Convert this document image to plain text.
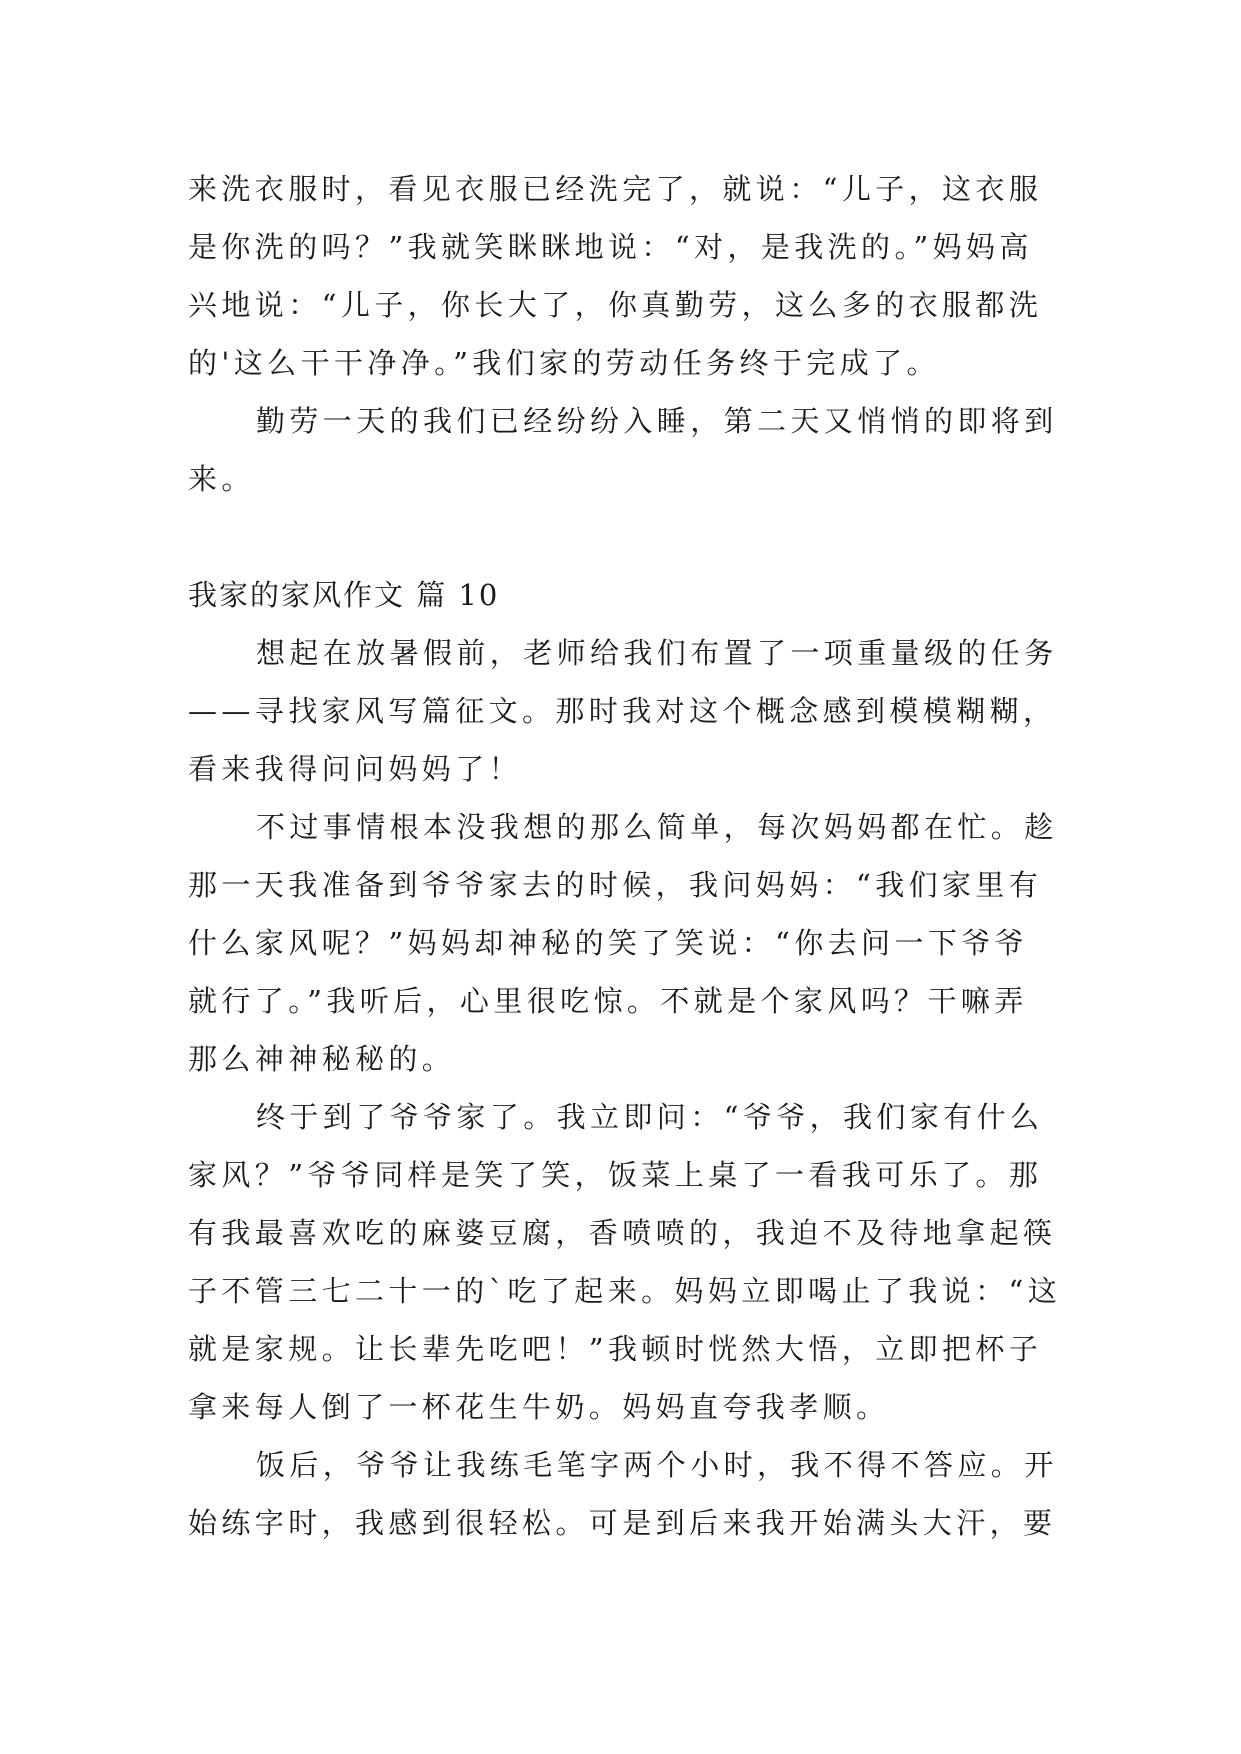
来洗衣服时，看见衣服已经洗完了，就说：“儿子，这衣服
是你洗的吗？”我就笑眯眯地说：“对，是我洗的。”妈妈高
兴地说：“儿子，你长大了，你真勤劳，这么多的衣服都洗
的'这么干干净净。”我们家的劳动任务终于完成了。
勤劳一天的我们已经纷纷入睡，第二天又悄悄的即将到
来。
我家的家风作文 篇 10
想起在放暑假前，老师给我们布置了一项重量级的任务
——寻找家风写篇征文。那时我对这个概念感到模模糊糊，
看来我得问问妈妈了！
不过事情根本没我想的那么简单，每次妈妈都在忙。趁
那一天我准备到爷爷家去的时候，我问妈妈：“我们家里有
什么家风呢？”妈妈却神秘的笑了笑说：“你去问一下爷爷
就行了。”我听后，心里很吃惊。不就是个家风吗？干嘛弄
那么神神秘秘的。
终于到了爷爷家了。我立即问：“爷爷，我们家有什么
家风？”爷爷同样是笑了笑，饭菜上桌了一看我可乐了。那
有我最喜欢吃的麻婆豆腐，香喷喷的，我迫不及待地拿起筷
子不管三七二十一的`吃了起来。妈妈立即喝止了我说：“这
就是家规。让长辈先吃吧！”我顿时恍然大悟，立即把杯子
拿来每人倒了一杯花生牛奶。妈妈直夸我孝顺。
饭后，爷爷让我练毛笔字两个小时，我不得不答应。开
始练字时，我感到很轻松。可是到后来我开始满头大汗，要
